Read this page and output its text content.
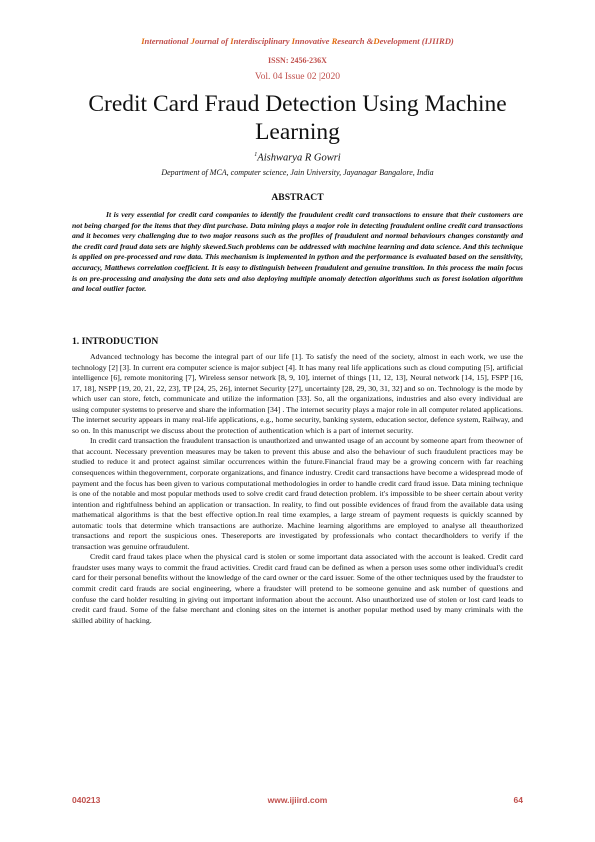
International Journal of Interdisciplinary Innovative Research &Development (IJIIRD)
ISSN: 2456-236X
Vol. 04 Issue 02 |2020
Credit Card Fraud Detection Using Machine Learning
$^1$Aishwarya R Gowri
Department of MCA, computer science, Jain University, Jayanagar Bangalore, India
ABSTRACT

It is very essential for credit card companies to identify the fraudulent credit card transactions to ensure that their customers are not being charged for the items that they dint purchase. Data mining plays a major role in detecting fraudulent online credit card transactions and it becomes very challenging due to two major reasons such as the profiles of fraudulent and normal behaviours changes constantly and the credit card fraud data sets are highly skewed.Such problems can be addressed with machine learning and data science. And this technique is applied on pre-processed and raw data. This mechanism is implemented in python and the performance is evaluated based on the sensitivity, accuracy, Matthews correlation coefficient. It is easy to distinguish between fraudulent and genuine transition. In this process the main focus is on pre-processing and analysing the data sets and also deploying multiple anomaly detection algorithms such as forest isolation algorithm and local outlier factor.

1. INTRODUCTION

Advanced technology has become the integral part of our life [1]. To satisfy the need of the society, almost in each work, we use the technology [2] [3]. In current era computer science is major subject [4]. It has many real life applications such as cloud computing [5], artificial intelligence [6], remote monitoring [7], Wireless sensor network [8, 9, 10], internet of things [11, 12, 13], Neural network [14, 15], FSPP [16, 17, 18], NSPP [19, 20, 21, 22, 23], TP [24, 25, 26], internet Security [27], uncertainty [28, 29, 30, 31, 32] and so on. Technology is the mode by which user can store, fetch, communicate and utilize the information [33]. So, all the organizations, industries and also every individual are using computer systems to preserve and share the information [34] . The internet security plays a major role in all computer related applications. The internet security appears in many real-life applications, e.g., home security, banking system, education sector, defence system, Railway, and so on. In this manuscript we discuss about the protection of authentication which is a part of internet security.

In credit card transaction the fraudulent transaction is unauthorized and unwanted usage of an account by someone apart from theowner of that account. Necessary prevention measures may be taken to prevent this abuse and also the behaviour of such fraudulent practices may be studied to reduce it and protect against similar occurrences within the future.Financial fraud may be a growing concern with far reaching consequences within thegovernment, corporate organizations, and finance industry. Credit card transactions have become a widespread mode of payment and the focus has been given to various computational methodologies in order to handle credit card fraud issue. Data mining technique is one of the notable and most popular methods used to solve credit card fraud detection problem. it's impossible to be sheer certain about verity intention and rightfulness behind an application or transaction. In reality, to find out possible evidences of fraud from the available data using mathematical algorithms is that the best effective option.In real time examples, a large stream of payment requests is quickly scanned by automatic tools that determine which transactions are authorize. Machine learning algorithms are employed to analyse all theauthorized transactions and report the suspicious ones. Thesereports are investigated by professionals who contact thecardholders to verify if the transaction was genuine orfraudulent.

Credit card fraud takes place when the physical card is stolen or some important data associated with the account is leaked. Credit card fraudster uses many ways to commit the fraud activities. Credit card fraud can be defined as when a person uses some other individual's credit card for their personal benefits without the knowledge of the card owner or the card issuer. Some of the other techniques used by the fraudster to commit credit card frauds are social engineering, where a fraudster will pretend to be someone genuine and ask number of questions and confuse the card holder resulting in giving out important information about the account. Also unauthorized use of stolen or lost card leads to credit card fraud. Some of the false merchant and cloning sites on the internet is another popular method used by many criminals with the skilled ability of hacking.

040213	www.ijiird.com	64
